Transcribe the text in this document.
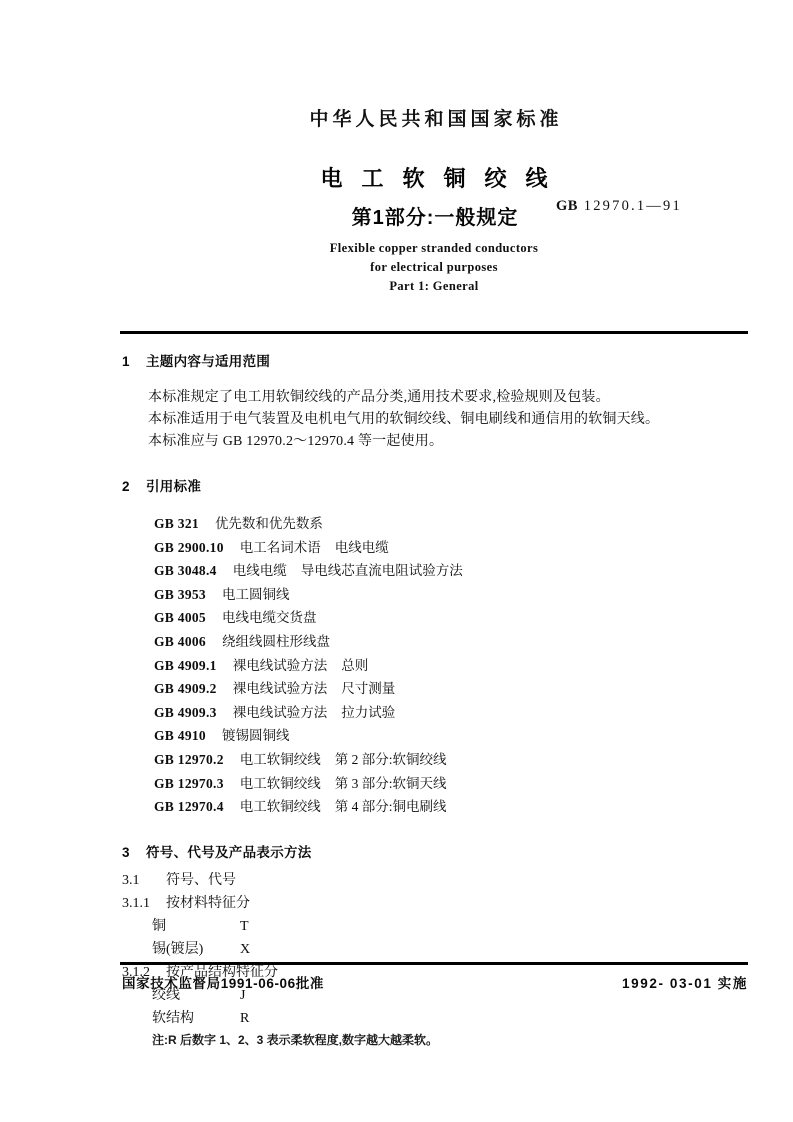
中华人民共和国国家标准
电工软铜绞线
第1部分:一般规定
GB 12970.1—91
Flexible copper stranded conductors
for electrical purposes
Part 1: General
1 主题内容与适用范围

本标准规定了电工用软铜绞线的产品分类,通用技术要求,检验规则及包装。

本标准适用于电气装置及电机电气用的软铜绞线、铜电刷线和通信用的软铜天线。

本标准应与 GB 12970.2～12970.4 等一起使用。

2 引用标准
GB 321 优先数和优先数系
GB 2900.10 电工名词术语 电线电缆
GB 3048.4 电线电缆 导电线芯直流电阻试验方法
GB 3953 电工圆铜线
GB 4005 电线电缆交货盘
GB 4006 绕组线圆柱形线盘
GB 4909.1 裸电线试验方法 总则
GB 4909.2 裸电线试验方法 尺寸测量
GB 4909.3 裸电线试验方法 拉力试验
GB 4910 镀锡圆铜线
GB 12970.2 电工软铜绞线 第 2 部分:软铜绞线
GB 12970.3 电工软铜绞线 第 3 部分:软铜天线
GB 12970.4 电工软铜绞线 第 4 部分:铜电刷线
3 符号、代号及产品表示方法
3.1 符号、代号
3.1.1 按材料特征分
铜	T
锡(镀层)	X
3.1.2 按产品结构特征分
绞线	J
软结构	R
注:R 后数字 1、2、3 表示柔软程度,数字越大越柔软。
国家技术监督局1991-06-06批准	1992- 03-01 实施
